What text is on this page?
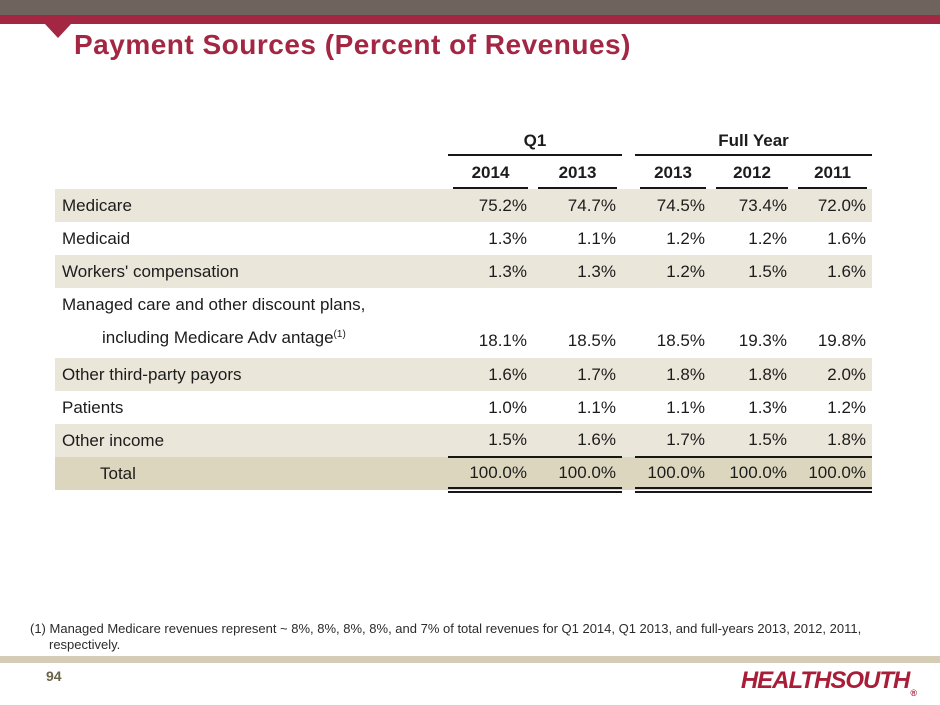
Payment Sources (Percent of Revenues)
	Q1			Full Year		

	2014	2013		2013	2012	2011

Medicare	75.2%	74.7%		74.5%	73.4%	72.0%
Medicaid	1.3%	1.1%		1.2%	1.2%	1.6%
Workers' compensation	1.3%	1.3%		1.2%	1.5%	1.6%

Managed care and other discount plans,
including Medicare Adv antage$^{(1)}$	18.1%	18.5%		18.5%	19.3%	19.8%
Other third-party payors	1.6%	1.7%		1.8%	1.8%	2.0%
Patients	1.0%	1.1%		1.1%	1.3%	1.2%
Other income	1.5%	1.6%		1.7%	1.5%	1.8%
Total	100.0%	100.0%		100.0%	100.0%	100.0%
(1) Managed Medicare revenues represent ~ 8%, 8%, 8%, 8%, and 7% of total revenues for Q1 2014, Q1 2013, and full-years 2013, 2012, 2011,
respectively.
94	$HEALTHSOUTH_®$
